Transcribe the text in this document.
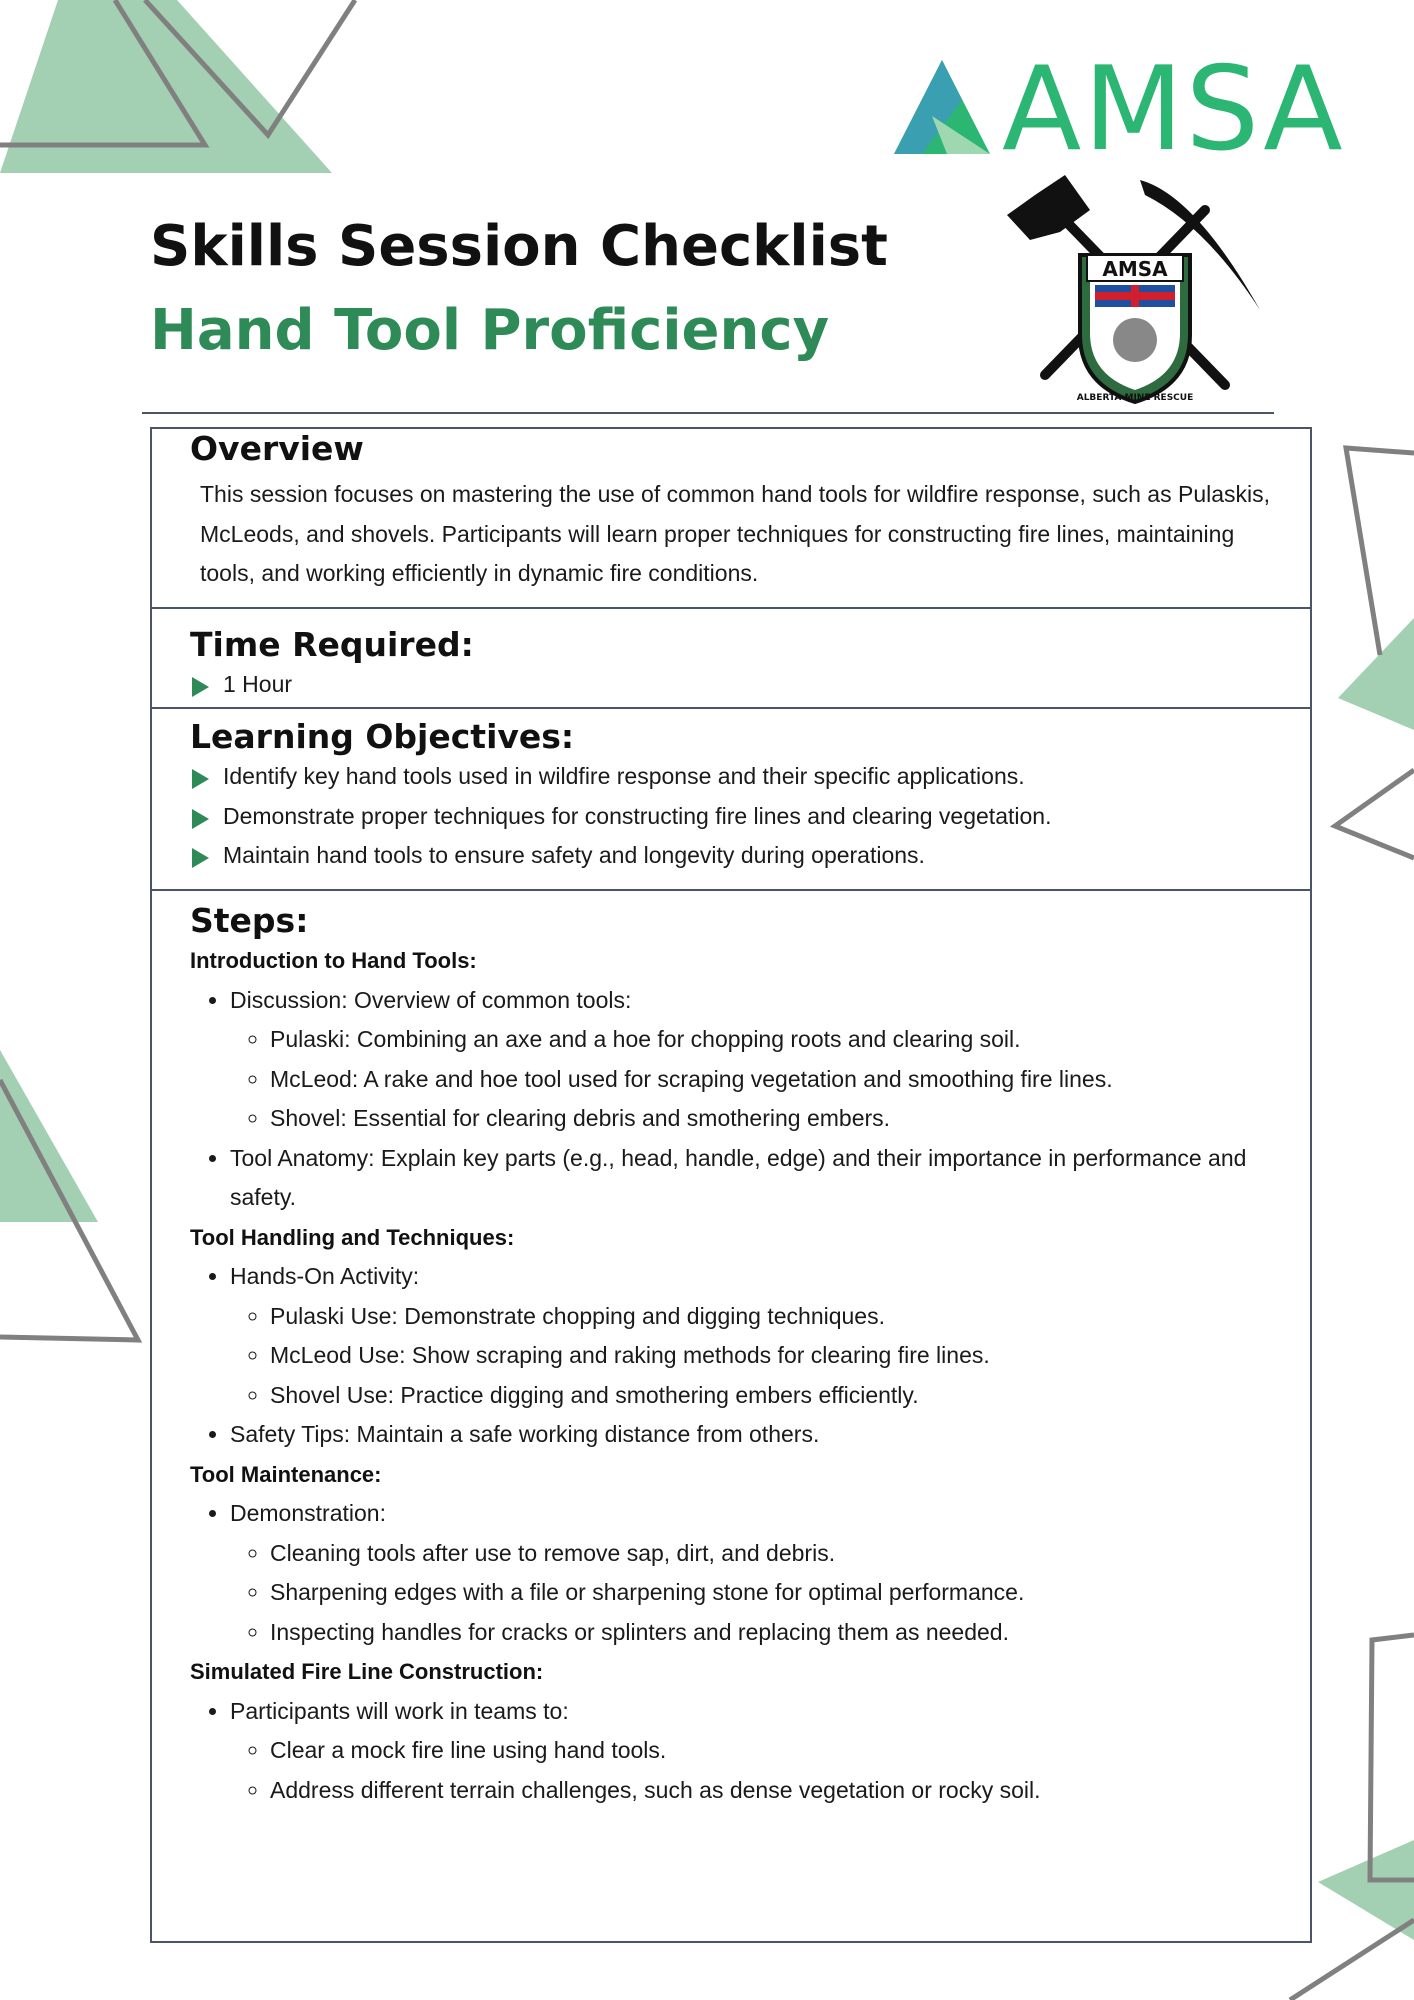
AMSA
AMSA
ALBERTA MINE RESCUE
Skills Session Checklist
Hand Tool Proficiency
Overview

This session focuses on mastering the use of common hand tools for wildfire response, such as Pulaskis, McLeods, and shovels. Participants will learn proper techniques for constructing fire lines, maintaining tools, and working efficiently in dynamic fire conditions.

Time Required:
1 Hour
Learning Objectives:
Identify key hand tools used in wildfire response and their specific applications.
Demonstrate proper techniques for constructing fire lines and clearing vegetation.
Maintain hand tools to ensure safety and longevity during operations.
Steps:
Introduction to Hand Tools:
• Discussion: Overview of common tools:
◦ Pulaski: Combining an axe and a hoe for chopping roots and clearing soil.
◦ McLeod: A rake and hoe tool used for scraping vegetation and smoothing fire lines.
◦ Shovel: Essential for clearing debris and smothering embers.
• Tool Anatomy: Explain key parts (e.g., head, handle, edge) and their importance in performance and safety.
Tool Handling and Techniques:
• Hands-On Activity:
◦ Pulaski Use: Demonstrate chopping and digging techniques.
◦ McLeod Use: Show scraping and raking methods for clearing fire lines.
◦ Shovel Use: Practice digging and smothering embers efficiently.
• Safety Tips: Maintain a safe working distance from others.
Tool Maintenance:
• Demonstration:
◦ Cleaning tools after use to remove sap, dirt, and debris.
◦ Sharpening edges with a file or sharpening stone for optimal performance.
◦ Inspecting handles for cracks or splinters and replacing them as needed.
Simulated Fire Line Construction:
• Participants will work in teams to:
◦ Clear a mock fire line using hand tools.
◦ Address different terrain challenges, such as dense vegetation or rocky soil.
